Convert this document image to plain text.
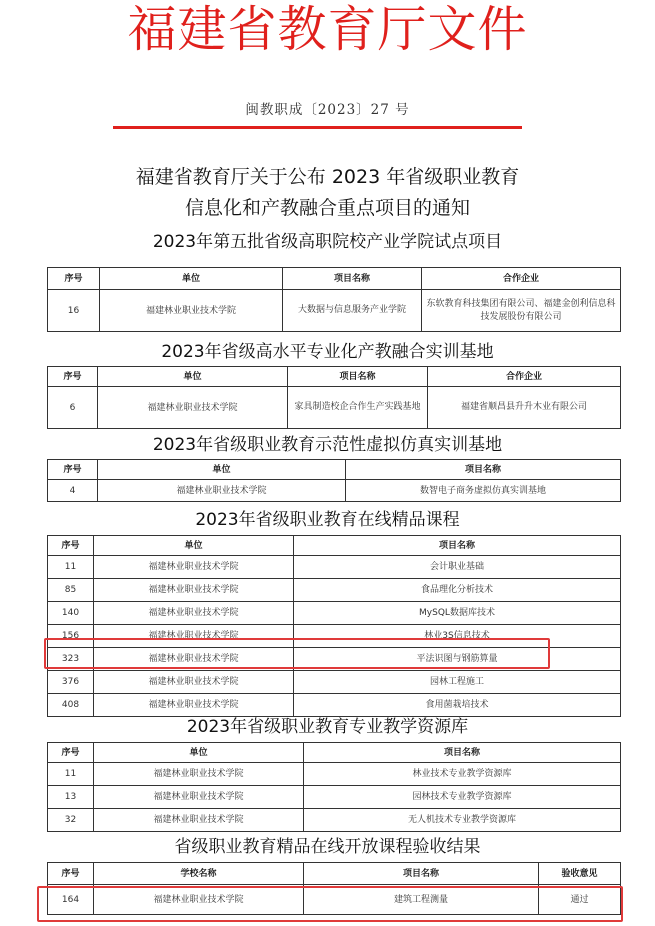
福建省教育厅文件
闽教职成〔2023〕27 号
福建省教育厅关于公布 2023 年省级职业教育
信息化和产教融合重点项目的通知
2023年第五批省级高职院校产业学院试点项目
序号	单位	项目名称	合作企业
16	福建林业职业技术学院	大数据与信息服务产业学院	东软教育科技集团有限公司、福建金创利信息科技发展股份有限公司
2023年省级高水平专业化产教融合实训基地
序号	单位	项目名称	合作企业
6	福建林业职业技术学院	家具制造校企合作生产实践基地	福建省顺昌县升升木业有限公司
2023年省级职业教育示范性虚拟仿真实训基地
序号	单位	项目名称
4	福建林业职业技术学院	数智电子商务虚拟仿真实训基地
2023年省级职业教育在线精品课程
序号	单位	项目名称
11	福建林业职业技术学院	会计职业基础
85	福建林业职业技术学院	食品理化分析技术
140	福建林业职业技术学院	MySQL数据库技术
156	福建林业职业技术学院	林业3S信息技术
323	福建林业职业技术学院	平法识图与钢筋算量
376	福建林业职业技术学院	园林工程施工
408	福建林业职业技术学院	食用菌栽培技术
2023年省级职业教育专业教学资源库
序号	单位	项目名称
11	福建林业职业技术学院	林业技术专业教学资源库
13	福建林业职业技术学院	园林技术专业教学资源库
32	福建林业职业技术学院	无人机技术专业教学资源库
省级职业教育精品在线开放课程验收结果
序号	学校名称	项目名称	验收意见
164	福建林业职业技术学院	建筑工程测量	通过
